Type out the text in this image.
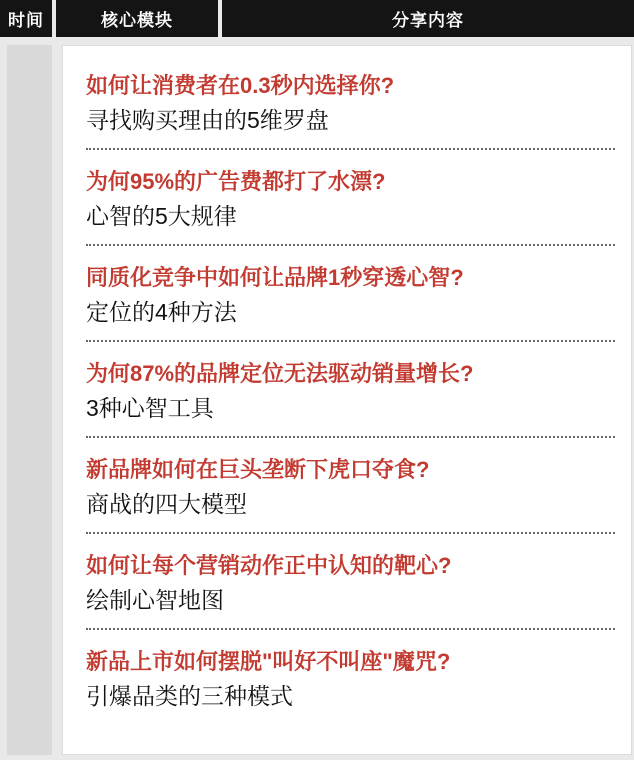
时间	核心模块	分享内容
如何让消费者在0.3秒内选择你?
寻找购买理由的5维罗盘
为何95%的广告费都打了水漂?
心智的5大规律
同质化竞争中如何让品牌1秒穿透心智?
定位的4种方法
为何87%的品牌定位无法驱动销量增长?
3种心智工具
新品牌如何在巨头垄断下虎口夺食?
商战的四大模型
如何让每个营销动作正中认知的靶心?
绘制心智地图
新品上市如何摆脱"叫好不叫座"魔咒?
引爆品类的三种模式
